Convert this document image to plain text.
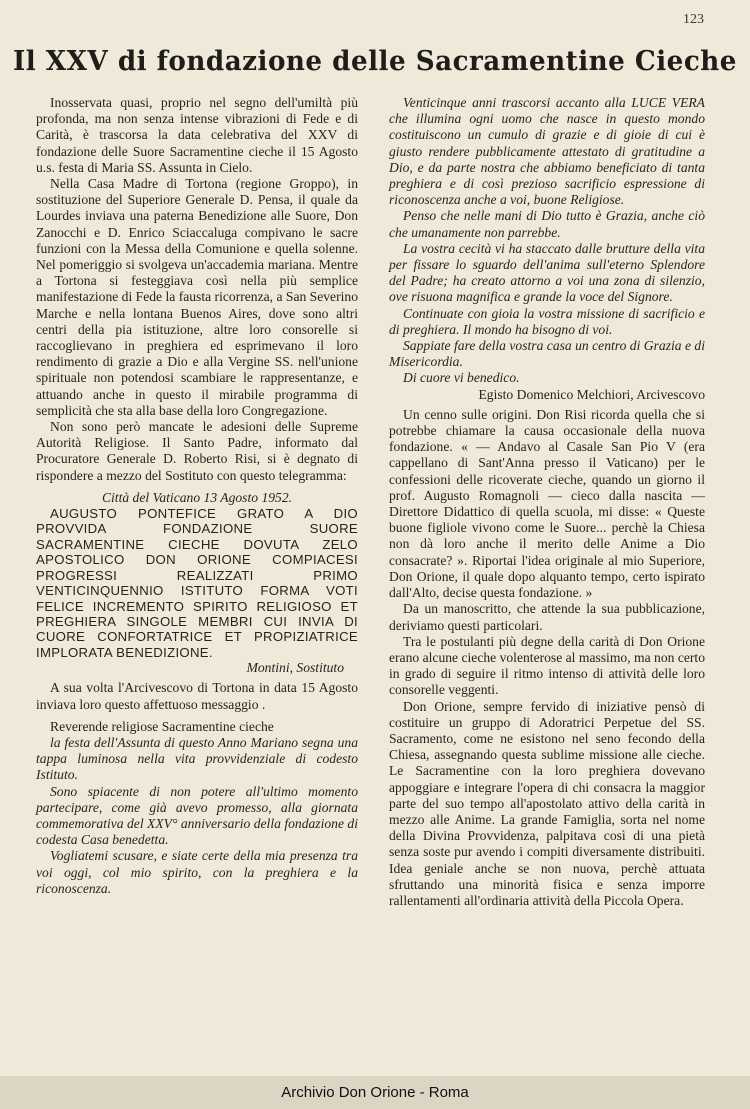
123
Il XXV di fondazione delle Sacramentine Cieche

Inosservata quasi, proprio nel segno dell'umiltà più profonda, ma non senza intense vibrazioni di Fede e di Carità, è trascorsa la data celebrativa del XXV di fondazione delle Suore Sacramentine cieche il 15 Agosto u.s. festa di Maria SS. Assunta in Cielo.

Nella Casa Madre di Tortona (regione Groppo), in sostituzione del Superiore Generale D. Pensa, il quale da Lourdes inviava una paterna Benedizione alle Suore, Don Zanocchi e D. Enrico Sciaccaluga compivano le sacre funzioni con la Messa della Comunione e quella solenne. Nel pomeriggio si svolgeva un'accademia mariana. Mentre a Tortona si festeggiava così nella più semplice manifestazione di Fede la fausta ricorrenza, a San Severino Marche e nella lontana Buenos Aires, dove sono altri centri della pia istituzione, altre loro consorelle si raccoglievano in preghiera ed esprimevano il loro rendimento di grazie a Dio e alla Vergine SS. nell'unione spirituale non potendosi scambiare le rappresentanze, e attuando anche in questo il mirabile programma di semplicità che sta alla base della loro Congregazione.

Non sono però mancate le adesioni delle Supreme Autorità Religiose. Il Santo Padre, informato dal Procuratore Generale D. Roberto Risi, si è degnato di rispondere a mezzo del Sostituto con questo telegramma:

Città del Vaticano 13 Agosto 1952.

AUGUSTO PONTEFICE GRATO A DIO PROVVIDA FONDAZIONE SUORE SACRAMENTINE CIECHE DOVUTA ZELO APOSTOLICO DON ORIONE COMPIACESI PROGRESSI REALIZZATI PRIMO VENTICINQUENNIO ISTITUTO FORMA VOTI FELICE INCREMENTO SPIRITO RELIGIOSO ET PREGHIERA SINGOLE MEMBRI CUI INVIA DI CUORE CONFORTATRICE ET PROPIZIATRICE IMPLORATA BENEDIZIONE.

Montini, Sostituto

A sua volta l'Arcivescovo di Tortona in data 15 Agosto inviava loro questo affettuoso messaggio .

Reverende religiose Sacramentine cieche

la festa dell'Assunta di questo Anno Mariano segna una tappa luminosa nella vita provvidenziale di codesto Istituto.

Sono spiacente di non potere all'ultimo momento partecipare, come già avevo promesso, alla giornata commemorativa del XXV° anniversario della fondazione di codesta Casa benedetta.

Vogliatemi scusare, e siate certe della mia presenza tra voi oggi, col mio spirito, con la preghiera e la riconoscenza.

Venticinque anni trascorsi accanto alla LUCE VERA che illumina ogni uomo che nasce in questo mondo costituiscono un cumulo di grazie e di gioie di cui è giusto rendere pubblicamente attestato di gratitudine a Dio, e da parte nostra che abbiamo beneficiato di tanta preghiera e di così prezioso sacrificio espressione di riconoscenza anche a voi, buone Religiose.

Penso che nelle mani di Dio tutto è Grazia, anche ciò che umanamente non parrebbe.

La vostra cecità vi ha staccato dalle brutture della vita per fissare lo sguardo dell'anima sull'eterno Splendore del Padre; ha creato attorno a voi una zona di silenzio, ove risuona magnifica e grande la voce del Signore.

Continuate con gioia la vostra missione di sacrificio e di preghiera. Il mondo ha bisogno di voi.

Sappiate fare della vostra casa un centro di Grazia e di Misericordia.

Di cuore vi benedico.

Egisto Domenico Melchiori, Arcivescovo

Un cenno sulle origini. Don Risi ricorda quella che si potrebbe chiamare la causa occasionale della nuova fondazione. « — Andavo al Casale San Pio V (era cappellano di Sant'Anna presso il Vaticano) per le confessioni delle ricoverate cieche, quando un giorno il prof. Augusto Romagnoli — cieco dalla nascita — Direttore Didattico di quella scuola, mi disse: « Queste buone figliole vivono come le Suore... perchè la Chiesa non dà loro anche il merito delle Anime a Dio consacrate? ». Riportai l'idea originale al mio Superiore, Don Orione, il quale dopo alquanto tempo, certo ispirato dall'Alto, decise questa fondazione. »

Da un manoscritto, che attende la sua pubblicazione, deriviamo questi particolari.

Tra le postulanti più degne della carità di Don Orione erano alcune cieche volenterose al massimo, ma non certo in grado di seguire il ritmo intenso di attività delle loro consorelle veggenti.

Don Orione, sempre fervido di iniziative pensò di costituire un gruppo di Adoratrici Perpetue del SS. Sacramento, come ne esistono nel seno fecondo della Chiesa, assegnando questa sublime missione alle cieche. Le Sacramentine con la loro preghiera dovevano appoggiare e integrare l'opera di chi consacra la maggior parte del suo tempo all'apostolato attivo della carità in mezzo alle Anime. La grande Famiglia, sorta nel nome della Divina Provvidenza, palpitava così di una pietà senza soste pur avendo i compiti diversamente distribuiti. Idea geniale anche se non nuova, perchè attuata sfruttando una minorità fisica e senza imporre rallentamenti all'ordinaria attività della Piccola Opera.

Archivio Don Orione - Roma
